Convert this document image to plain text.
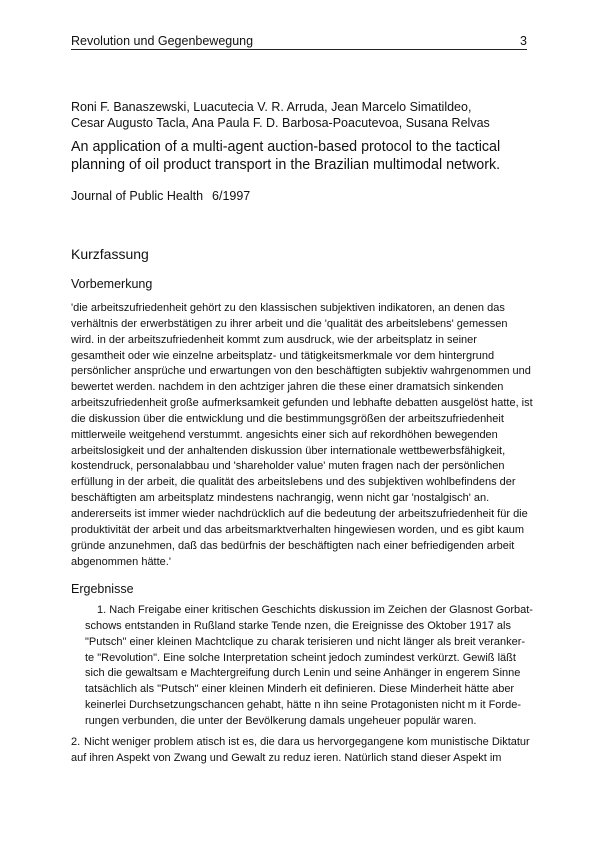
Revolution und Gegenbewegung	3
Roni F. Banaszewski, Luacutecia V. R. Arruda, Jean Marcelo Simatildeo,
Cesar Augusto Tacla, Ana Paula F. D. Barbosa-Poacutevoa, Susana Relvas
An application of a multi-agent auction-based protocol to the tactical
planning of oil product transport in the Brazilian multimodal network.
Journal of Public Health 6/1997
Kurzfassung
Vorbemerkung
'die arbeitszufriedenheit gehört zu den klassischen subjektiven indikatoren, an denen das verhältnis der erwerbstätigen zu ihrer arbeit und die 'qualität des arbeitslebens' gemessen wird. in der arbeitszufriedenheit kommt zum ausdruck, wie der arbeitsplatz in seiner gesamtheit oder wie einzelne arbeitsplatz- und tätigkeitsmerkmale vor dem hintergrund persönlicher ansprüche und erwartungen von den beschäftigten subjektiv wahrgenommen und bewertet werden. nachdem in den achtziger jahren die these einer dramatsich sinkenden arbeitszufriedenheit große aufmerksamkeit gefunden und lebhafte debatten ausgelöst hatte, ist die diskussion über die entwicklung und die bestimmungsgrößen der arbeitszufriedenheit mittlerweile weitgehend verstummt. angesichts einer sich auf rekordhöhen bewegenden arbeitslosigkeit und der anhaltenden diskussion über internationale wettbewerbsfähigkeit, kostendruck, personalabbau und 'shareholder value' muten fragen nach der persönlichen erfüllung in der arbeit, die qualität des arbeitslebens und des subjektiven wohlbefindens der beschäftigten am arbeitsplatz mindestens nachrangig, wenn nicht gar 'nostalgisch' an. andererseits ist immer wieder nachdrücklich auf die bedeutung der arbeitszufriedenheit für die produktivität der arbeit und das arbeitsmarktverhalten hingewiesen worden, und es gibt kaum gründe anzunehmen, daß das bedürfnis der beschäftigten nach einer befriedigenden arbeit abgenommen hätte.'
Ergebnisse
1. Nach Freigabe einer kritischen Geschichts diskussion im Zeichen der Glasnost Gorbat-
schows entstanden in Rußland starke Tende nzen, die Ereignisse des Oktober 1917 als "Putsch" einer kleinen Machtclique zu charak terisieren und nicht länger als breit veranker-te "Revolution". Eine solche Interpretation scheint jedoch zumindest verkürzt. Gewiß läßt sich die gewaltsam e Machtergreifung durch Lenin und seine Anhänger in engerem Sinne tatsächlich als "Putsch" einer kleinen Minderh eit definieren. Diese Minderheit hätte aber keinerlei Durchsetzungschancen gehabt, hätte n ihn seine Protagonisten nicht m it Forde-rungen verbunden, die unter der Bevölkerung damals ungeheuer populär waren.
2. Nicht weniger problem atisch ist es, die dara us hervorgegangene kom munistische Diktatur auf ihren Aspekt von Zwang und Gewalt zu reduz ieren. Natürlich stand dieser Aspekt im
